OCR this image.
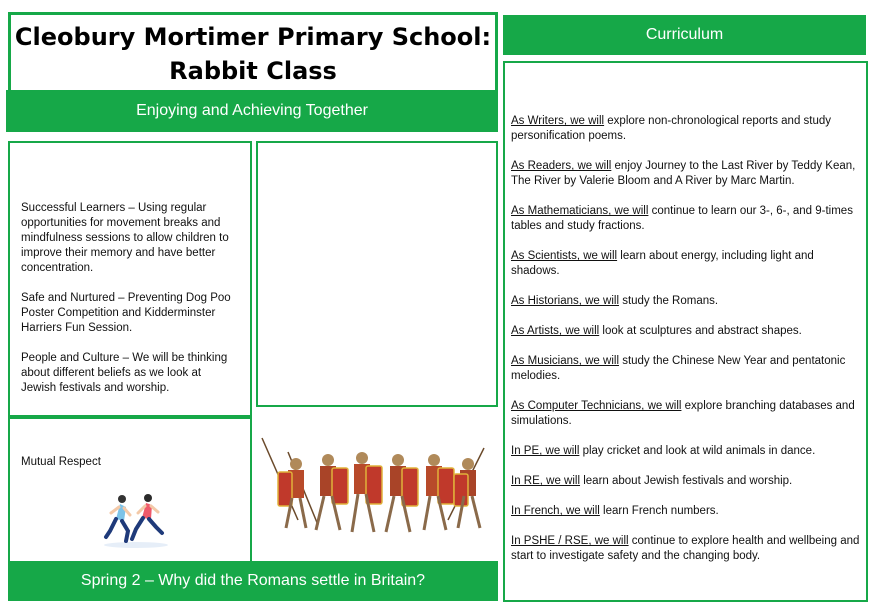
Cleobury Mortimer Primary School:
Rabbit Class
Enjoying and Achieving Together
Links to our
Curriculum Drivers
Successful Learners – Using regular opportunities for movement breaks and mindfulness sessions to allow children to improve their memory and have better concentration.
Safe and Nurtured – Preventing Dog Poo Poster Competition and Kidderminster Harriers Fun Session.
People and Culture – We will be thinking about different beliefs as we look at Jewish festivals and worship.
Enrichment
Library Visit
Women's History Month
World Book Day
Preventing Dog Poo Poster Competition
Kidderminster Harriers Fun Session
Easter
British Value
Mutual Respect
Spring 2 – Why did the Romans settle in Britain?
Curriculum
Subject Intent
As Writers, we will explore non-chronological reports and study personification poems.
As Readers, we will enjoy Journey to the Last River by Teddy Kean, The River by Valerie Bloom and A River by Marc Martin.
As Mathematicians, we will continue to learn our 3-, 6-, and 9-times tables and study fractions.
As Scientists, we will learn about energy, including light and shadows.
As Historians, we will study the Romans.
As Artists, we will look at sculptures and abstract shapes.
As Musicians, we will study the Chinese New Year and pentatonic melodies.
As Computer Technicians, we will explore branching databases and simulations.
In PE, we will play cricket and look at wild animals in dance.
In RE, we will learn about Jewish festivals and worship.
In French, we will learn French numbers.
In PSHE / RSE, we will continue to explore health and wellbeing and start to investigate safety and the changing body.
